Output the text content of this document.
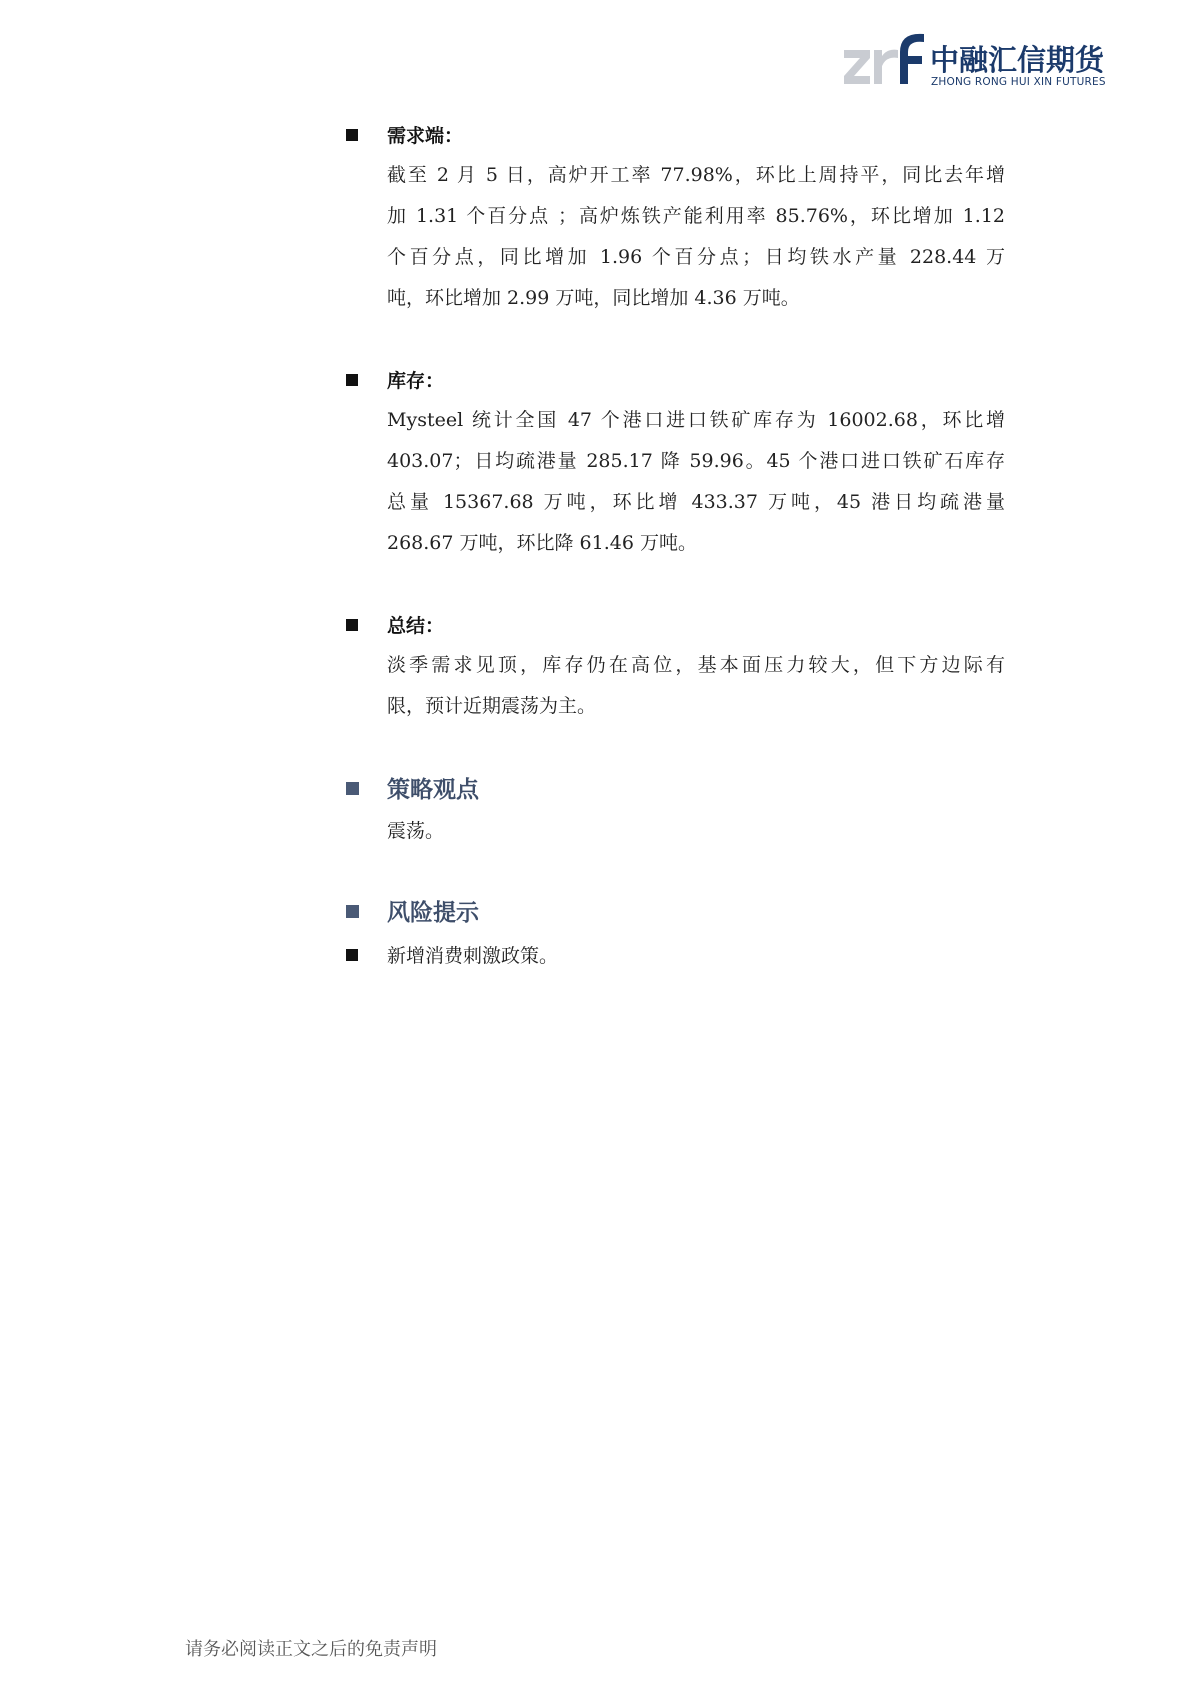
中融汇信期货
ZHONG RONG HUI XIN FUTURES
需求端：
截至 2 月 5 日，高炉开工率 77.98%，环比上周持平，同比去年增
加 1.31 个百分点 ；高炉炼铁产能利用率 85.76%，环比增加 1.12
个百分点，同比增加 1.96 个百分点；日均铁水产量 228.44 万
吨，环比增加 2.99 万吨，同比增加 4.36 万吨。
库存：
Mysteel 统计全国 47 个港口进口铁矿库存为 16002.68，环比增
403.07；日均疏港量 285.17 降 59.96。45 个港口进口铁矿石库存
总量 15367.68 万吨，环比增 433.37 万吨，45 港日均疏港量
268.67 万吨，环比降 61.46 万吨。
总结：
淡季需求见顶，库存仍在高位，基本面压力较大，但下方边际有
限，预计近期震荡为主。
策略观点
震荡。
风险提示
新增消费刺激政策。
请务必阅读正文之后的免责声明
